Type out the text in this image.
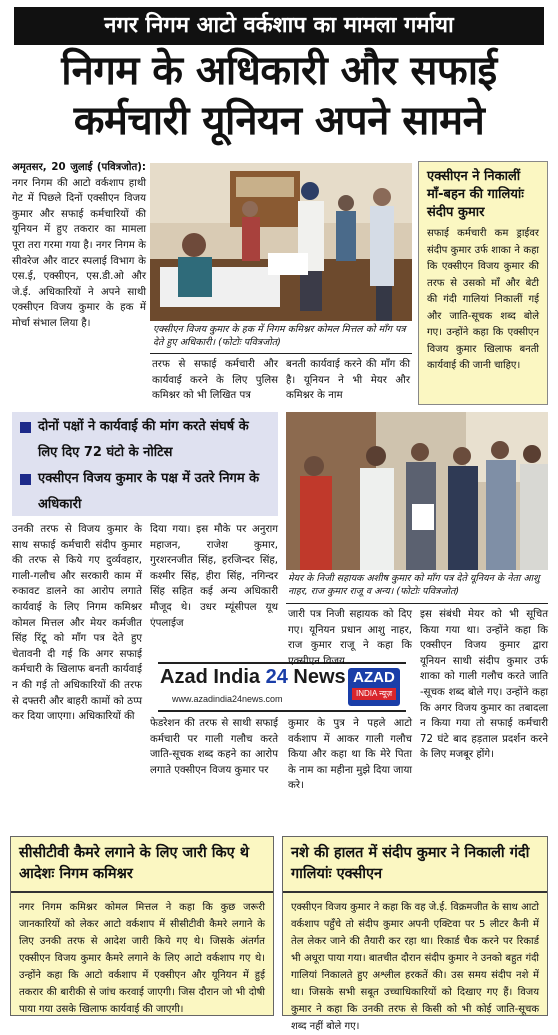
नगर निगम आटो वर्कशाप का मामला गर्माया
निगम के अधिकारी और सफाई
कर्मचारी यूनियन अपने सामने
अमृतसर, 20 जुलाई (पवित्रजोत): नगर निगम की आटो वर्कशाप हाथी गेट में पिछले दिनों एक्सीएन विजय कुमार और सफाई कर्मचारियों की यूनियन में हुए तकरार का मामला पूरा तरा गरमा गया है। नगर निगम के सीवरेज और वाटर स्पलाई विभाग के एस.ई, एक्सीएन, एस.डी.ओ और जे.ई. अधिकारियों ने अपने साथी एक्सीएन विजय कुमार के हक में मोर्चा संभाल लिया है।
एक्सीएन विजय कुमार के हक में निगम कमिश्नर कोमल मित्तल को माँग पत्र देते हुए अधिकारी। (फोटोः पवित्रजोत)
तरफ से सफाई कर्मचारी और कार्यवाई करने के लिए पुलिस कमिश्नर को भी लिखित पत्र
बनती कार्यवाई करने की माँग की है। यूनियन ने भी मेयर और कमिश्नर के नाम
एक्सीएन ने निकालीं माँ-बहन की गालियांः संदीप कुमार
सफाई कर्मचारी कम ड्राईवर संदीप कुमार उर्फ शाका ने कहा कि एक्सीएन विजय कुमार की तरफ से उसको माँ और बेटी की गंदी गालियां निकालीं गई और जाति-सूचक शब्द बोले गए। उन्होंने कहा कि एक्सीएन विजय कुमार खिलाफ बनती कार्यवाई की जानी चाहिए।
दोनों पक्षों ने कार्यवाई की मांग करते संघर्ष के लिए दिए 72 घंटो के नोटिस
एक्सीएन विजय कुमार के पक्ष में उतरे निगम के अधिकारी
उनकी तरफ से विजय कुमार के साथ सफाई कर्मचारी संदीप कुमार की तरफ से किये गए दुर्व्यवहार, गाली-गलौच और सरकारी काम में रुकावट डालने का आरोप लगाते कार्यवाई के लिए निगम कमिश्नर कोमल मित्तल और मेयर कर्मजीत सिंह रिंटू को माँग पत्र देते हुए चेतावनी दी गई कि अगर सफाई कर्मचारी के खिलाफ बनती कार्यवाई न की गई तो अधिकारियों की तरफ से दफ्तरी और बाहरी कामों को ठप्प कर दिया जाएगा। अधिकारियों की
दिया गया। इस मौके पर अनुराग महाजन, राजेश कुमार, गुरशरनजीत सिंह, हरजिन्दर सिंह, कश्मीर सिंह, हीरा सिंह, नगिन्दर सिंह सहित कई अन्य अधिकारी मौजूद थे। उधर म्यूंसीपल यूथ एंपलाईज
Azad India 24 News
www.azadindia24news.com
AZAD
INDIA न्यूज़
फेडरेशन की तरफ से साथी सफाई कर्मचारी पर गाली गलौच करते जाति-सूचक शब्द कहने का आरोप लगाते एक्सीएन विजय कुमार पर
मेयर के निजी सहायक अशीष कुमार को माँग पत्र देते यूनियन के नेता आशु नाहर, राज कुमार राजू व अन्य। (फोटोः पवित्रजोत)
जारी पत्र निजी सहायक को दिए गए। यूनियन प्रधान आशु नाहर, राज कुमार राजू ने कहा कि एक्सीएन विजय
कुमार के पुत्र ने पहले आटो वर्कशाप में आकर गाली गलौच किया और कहा था कि मेरे पिता के नाम का महीना मुझे दिया जाया करे।
इस संबंधी मेयर को भी सूचित किया गया था। उन्होंने कहा कि एक्सीएन विजय कुमार द्वारा यूनियन साथी संदीप कुमार उर्फ शाका को गाली गलौच करते जाति -सूचक शब्द बोले गए। उन्होंने कहा कि अगर विजय कुमार का तबादला न किया गया तो सफाई कर्मचारी 72 घंटे बाद हड़ताल प्रदर्शन करने के लिए मजबूर होंगे।
सीसीटीवी कैमरे लगाने के लिए जारी किए थे आदेशः निगम कमिश्नर
नगर निगम कमिश्नर कोमल मित्तल ने कहा कि कुछ जरूरी जानकारियों को लेकर आटो वर्कशाप में सीसीटीवी कैमरे लगाने के लिए उनकी तरफ से आदेश जारी किये गए थे। जिसके अंतर्गत एक्सीएन विजय कुमार कैमरे लगाने के लिए आटो वर्कशाप गए थे। उन्होंने कहा कि आटो वर्कशाप में एक्सीएन और यूनियन में हुई तकरार की बारीकी से जांच करवाई जाएगी। जिस दौरान जो भी दोषी पाया गया उसके खिलाफ कार्यवाई की जाएगी।
नशे की हालत में संदीप कुमार ने निकाली गंदी गालियांः एक्सीएन
एक्सीएन विजय कुमार ने कहा कि वह जे.ई. विक्रमजीत के साथ आटो वर्कशाप पहुँचे तो संदीप कुमार अपनी एक्टिवा पर 5 लीटर कैनी में तेल लेकर जाने की तैयारी कर रहा था। रिकार्ड चैक करने पर रिकार्ड भी अधूरा पाया गया। बातचीत दौरान संदीप कुमार ने उनको बहुत गंदी गालियां निकालते हुए अश्लील हरकतें की। उस समय संदीप नशे में था। जिसके सभी सबूत उच्चाधिकारियों को दिखाए गए हैं। विजय कुमार ने कहा कि उनकी तरफ से किसी को भी कोई जाति-सूचक शब्द नहीं बोले गए।
